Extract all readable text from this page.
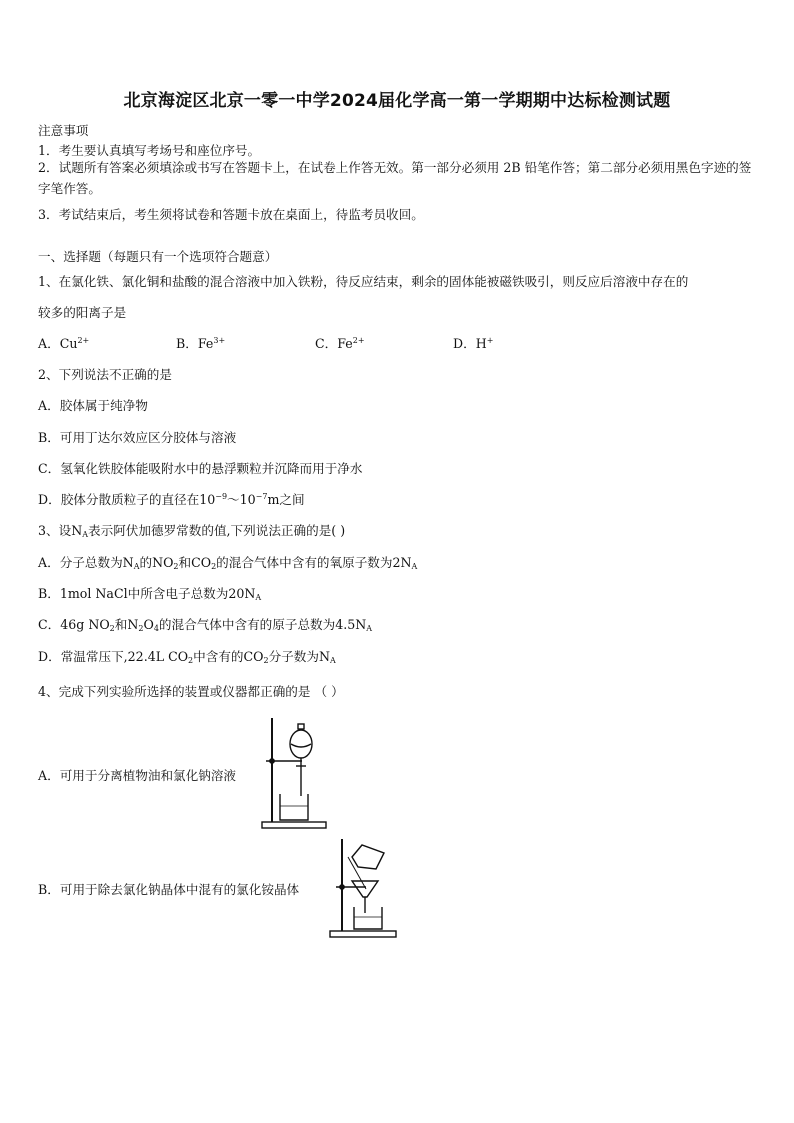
北京海淀区北京一零一中学2024届化学高一第一学期期中达标检测试题
注意事项
1．考生要认真填写考场号和座位序号。
2．试题所有答案必须填涂或书写在答题卡上，在试卷上作答无效。第一部分必须用 2B 铅笔作答；第二部分必须用黑色字迹的签字笔作答。
3．考试结束后，考生须将试卷和答题卡放在桌面上，待监考员收回。
一、选择题（每题只有一个选项符合题意）
1、在氯化铁、氯化铜和盐酸的混合溶液中加入铁粉，待反应结束，剩余的固体能被磁铁吸引，则反应后溶液中存在的
较多的阳离子是
A．$Cu^{2+}$	B．$Fe^{3+}$	C．$Fe^{2+}$	D．H+
2、下列说法不正确的是
A．胶体属于纯净物
B．可用丁达尔效应区分胶体与溶液
C．氢氧化铁胶体能吸附水中的悬浮颗粒并沉降而用于净水
D．胶体分散质粒子的直径在$10^{-9}\sim 10^{-7}m$之间
3、设$N_A$表示阿伏加德罗常数的值,下列说法正确的是( )
A．分子总数为$N_A$的$NO_2$和$CO_2$的混合气体中含有的氧原子数为$2N_A$
B．1mol NaCl中所含电子总数为$20N_A$
C．46g $NO_2$和$N_2O_4$的混合气体中含有的原子总数为$4.5N_A$
D．常温常压下,22.4L $CO_2$中含有的$CO_2$分子数为$N_A$
4、完成下列实验所选择的装置或仪器都正确的是 （ ）
A．可用于分离植物油和氯化钠溶液
B．可用于除去氯化钠晶体中混有的氯化铵晶体
